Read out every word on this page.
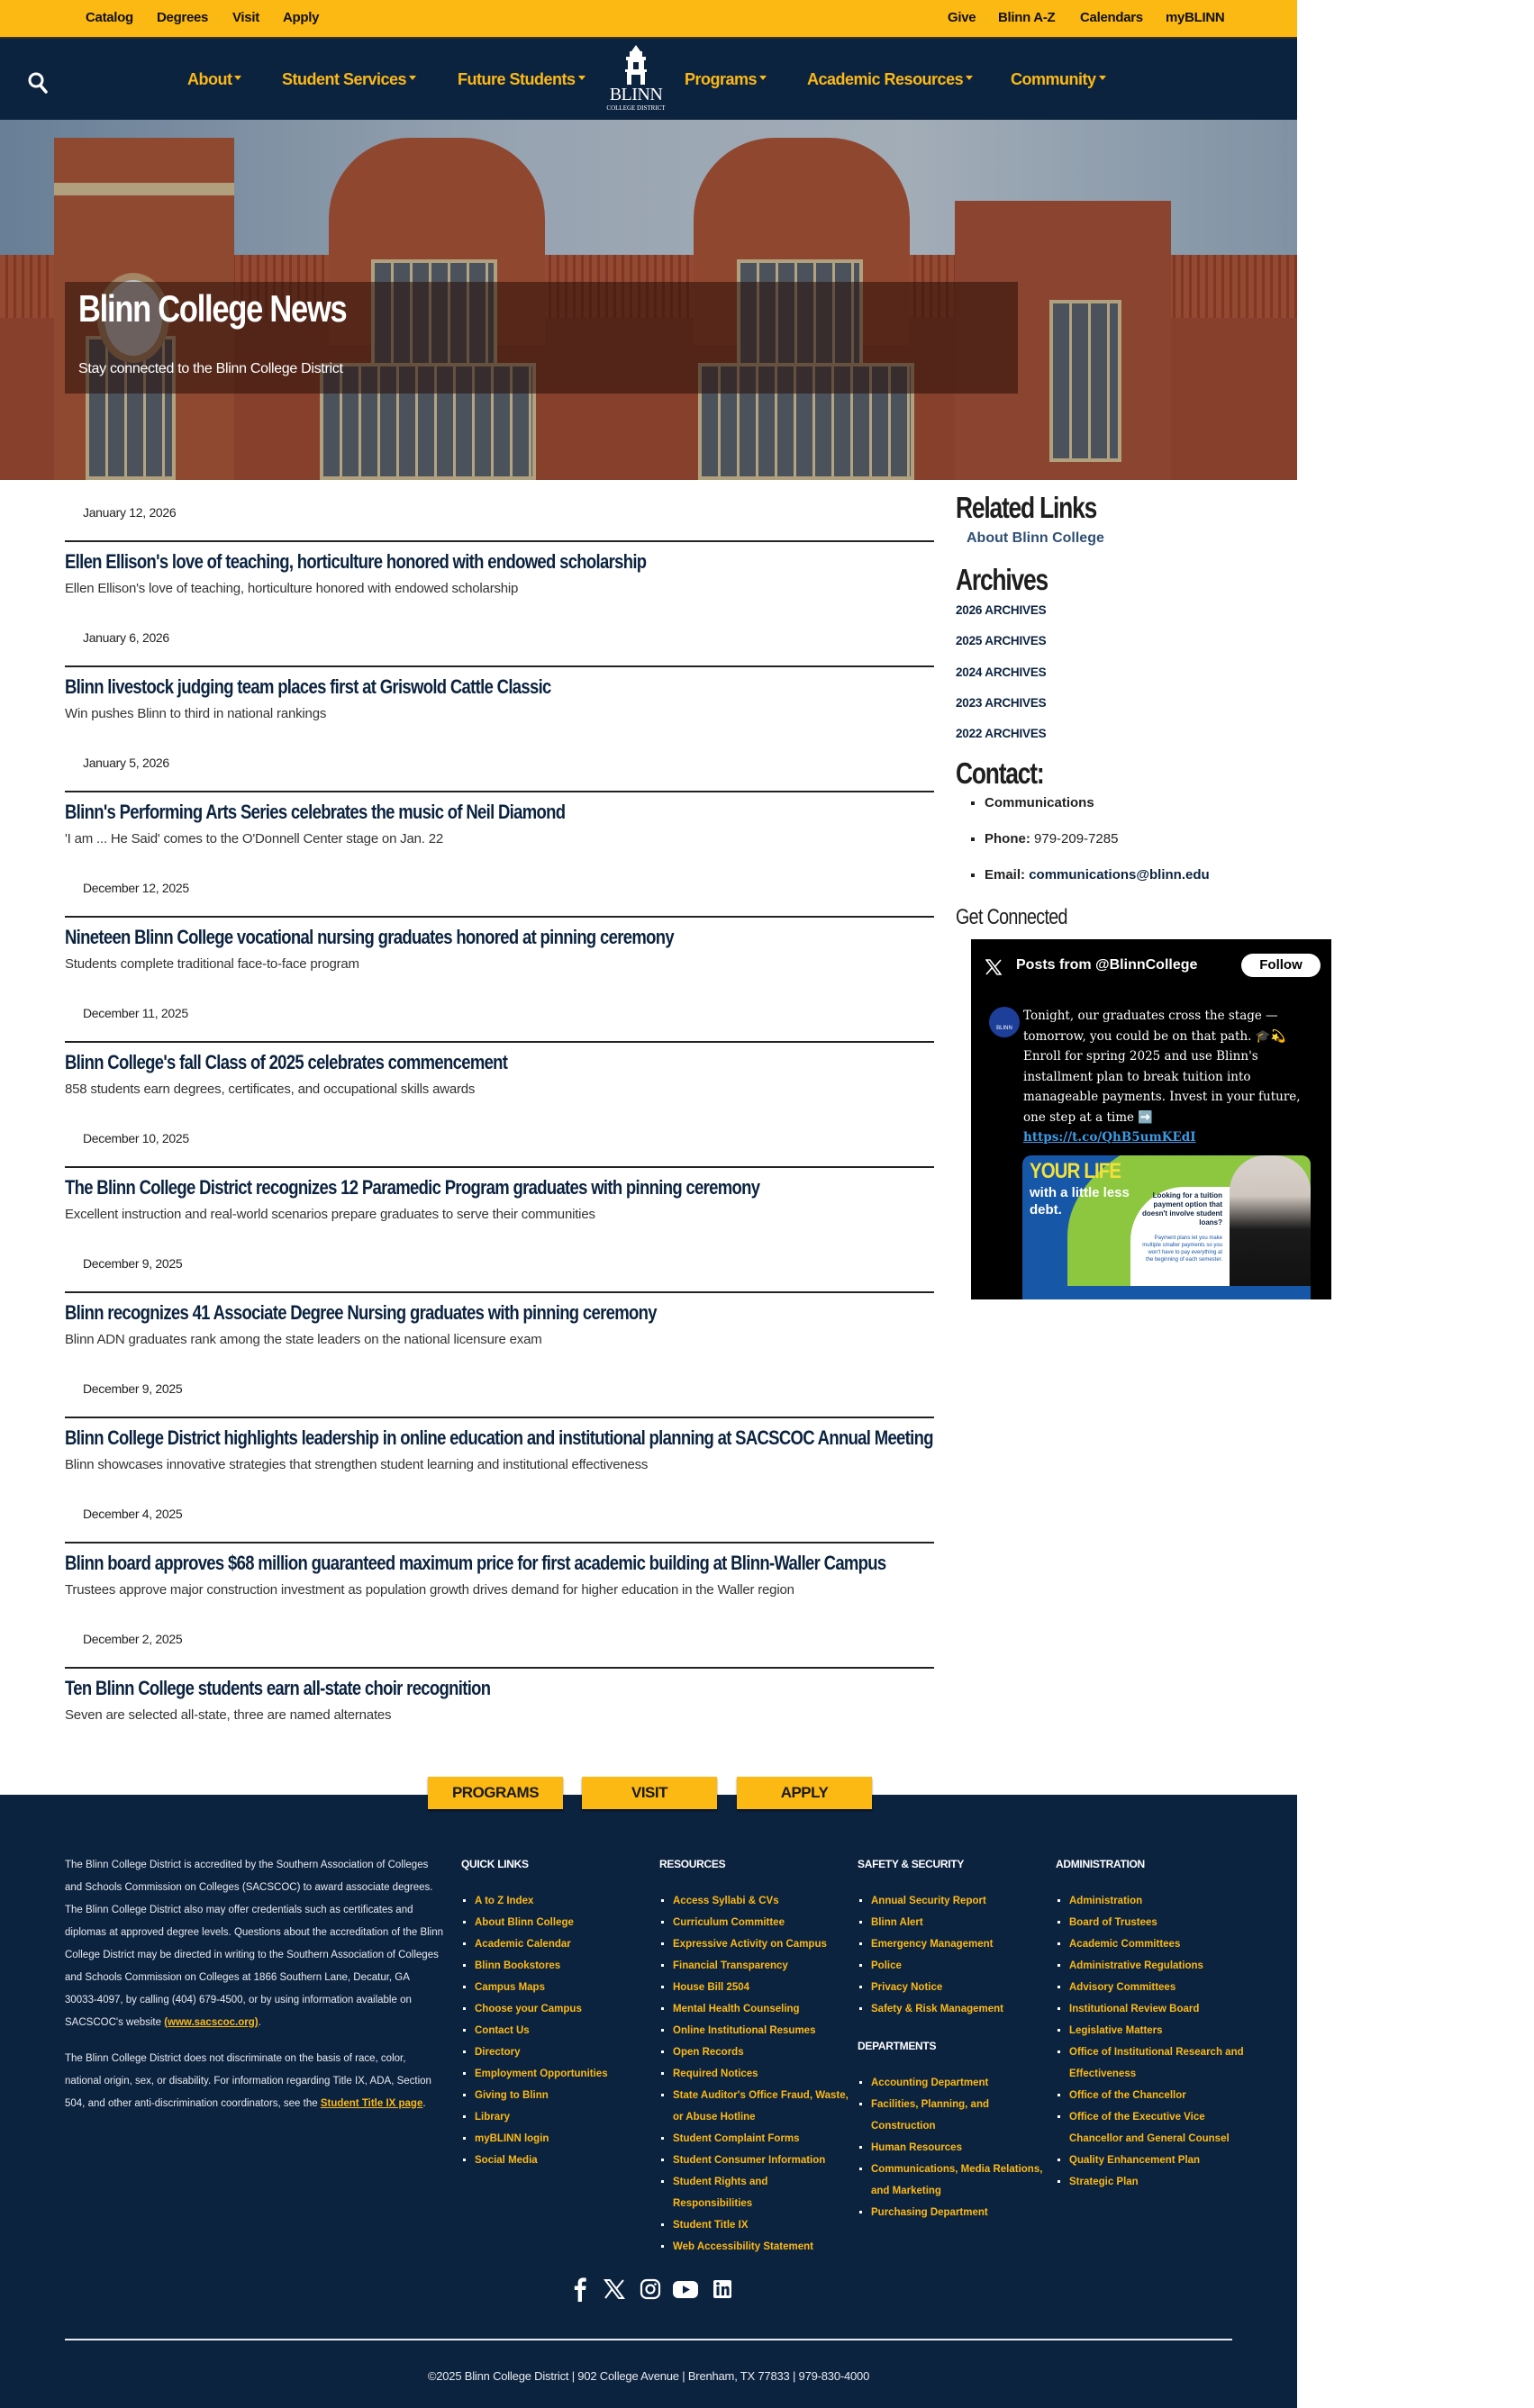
Catalog Degrees Visit Apply	Give Blinn A-Z Calendars myBLINN
About	Student Services	Future Students
BLINN
COLLEGE DISTRICT
Programs	Academic Resources	Community
Blinn College News
Stay connected to the Blinn College District
January 12, 2026
Ellen Ellison's love of teaching, horticulture honored with endowed scholarship
Ellen Ellison's love of teaching, horticulture honored with endowed scholarship
January 6, 2026
Blinn livestock judging team places first at Griswold Cattle Classic
Win pushes Blinn to third in national rankings
January 5, 2026
Blinn's Performing Arts Series celebrates the music of Neil Diamond
'I am ... He Said' comes to the O'Donnell Center stage on Jan. 22
December 12, 2025
Nineteen Blinn College vocational nursing graduates honored at pinning ceremony
Students complete traditional face-to-face program
December 11, 2025
Blinn College's fall Class of 2025 celebrates commencement
858 students earn degrees, certificates, and occupational skills awards
December 10, 2025
The Blinn College District recognizes 12 Paramedic Program graduates with pinning ceremony
Excellent instruction and real-world scenarios prepare graduates to serve their communities
December 9, 2025
Blinn recognizes 41 Associate Degree Nursing graduates with pinning ceremony
Blinn ADN graduates rank among the state leaders on the national licensure exam
December 9, 2025
Blinn College District highlights leadership in online education and institutional planning at SACSCOC Annual Meeting
Blinn showcases innovative strategies that strengthen student learning and institutional effectiveness
December 4, 2025
Blinn board approves $68 million guaranteed maximum price for first academic building at Blinn-Waller Campus
Trustees approve major construction investment as population growth drives demand for higher education in the Waller region
December 2, 2025
Ten Blinn College students earn all-state choir recognition
Seven are selected all-state, three are named alternates
Related Links
About Blinn College
Archives
2026 ARCHIVES
2025 ARCHIVES
2024 ARCHIVES
2023 ARCHIVES
2022 ARCHIVES
Contact:
▪ Communications
▪ Phone: 979-209-7285
▪ Email: communications@blinn.edu
Get Connected
Posts from @BlinnCollege	Follow
BLINN
Tonight, our graduates cross the stage — tomorrow, you could be on that path. 🎓💫 Enroll for spring 2025 and use Blinn's installment plan to break tuition into manageable payments. Invest in your future, one step at a time ➡️
https://t.co/QhB5umKEdI
YOUR LIFE
with a little less debt.
Looking for a tuition payment option that doesn't involve student loans?
Payment plans let you make multiple smaller payments so you won't have to pay everything at the beginning of each semester.

The Blinn College District is accredited by the Southern Association of Colleges and Schools Commission on Colleges (SACSCOC) to award associate degrees. The Blinn College District also may offer credentials such as certificates and diplomas at approved degree levels. Questions about the accreditation of the Blinn College District may be directed in writing to the Southern Association of Colleges and Schools Commission on Colleges at 1866 Southern Lane, Decatur, GA 30033-4097, by calling (404) 679-4500, or by using information available on SACSCOC's website (www.sacscoc.org).

The Blinn College District does not discriminate on the basis of race, color, national origin, sex, or disability. For information regarding Title IX, ADA, Section 504, and other anti-discrimination coordinators, see the Student Title IX page.

QUICK LINKS
▪ A to Z Index
▪ About Blinn College
▪ Academic Calendar
▪ Blinn Bookstores
▪ Campus Maps
▪ Choose your Campus
▪ Contact Us
▪ Directory
▪ Employment Opportunities
▪ Giving to Blinn
▪ Library
▪ myBLINN login
▪ Social Media
RESOURCES
▪ Access Syllabi & CVs
▪ Curriculum Committee
▪ Expressive Activity on Campus
▪ Financial Transparency
▪ House Bill 2504
▪ Mental Health Counseling
▪ Online Institutional Resumes
▪ Open Records
▪ Required Notices
▪ State Auditor's Office Fraud, Waste, or Abuse Hotline
▪ Student Complaint Forms
▪ Student Consumer Information
▪ Student Rights and Responsibilities
▪ Student Title IX
▪ Web Accessibility Statement
SAFETY & SECURITY
▪ Annual Security Report
▪ Blinn Alert
▪ Emergency Management
▪ Police
▪ Privacy Notice
▪ Safety & Risk Management
DEPARTMENTS
▪ Accounting Department
▪ Facilities, Planning, and Construction
▪ Human Resources
▪ Communications, Media Relations, and Marketing
▪ Purchasing Department
ADMINISTRATION
▪ Administration
▪ Board of Trustees
▪ Academic Committees
▪ Administrative Regulations
▪ Advisory Committees
▪ Institutional Review Board
▪ Legislative Matters
▪ Office of Institutional Research and Effectiveness
▪ Office of the Chancellor
▪ Office of the Executive Vice Chancellor and General Counsel
▪ Quality Enhancement Plan
▪ Strategic Plan
©2025 Blinn College District | 902 College Avenue | Brenham, TX 77833 | 979-830-4000
PROGRAMS	VISIT	APPLY
